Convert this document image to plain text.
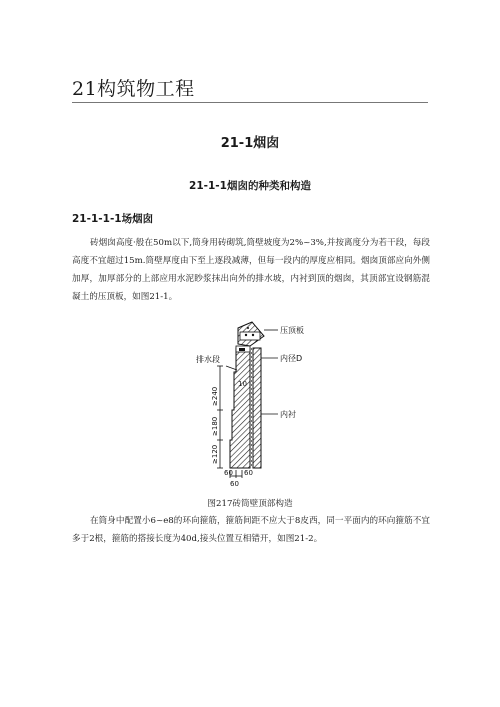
21构筑物工程
21-1烟囱
21-1-1烟囱的种类和构造
21-1-1-1场烟囱

砖烟囱高度·般在50m以下,筒身用砖砌筑,筒壁坡度为2%~3%,并按离度分为若干段，每段高度不宜超过15m.筒壁厚度由下至上逐段减薄，但每一段内的厚度应相同。烟囱顶部应向外侧加厚，加厚部分的上部应用水泥眇浆抹出向外的排水坡，内衬到顶的烟囱，其顶部宜设钢筋混凝土的压顶板，如图21-1。

压顶板
内径D
内衬
排水段
10
≥240
≥180
≥120
60 60
60

图217砖筒壁顶部构造

在筒身中配置小6~e8的环向箍筋，箍筋间距不应大于8皮西，同一平面内的环向箍筋不宜多于2根，箍筋的搭接长度为40d,接头位置互相错开，如图21-2。
